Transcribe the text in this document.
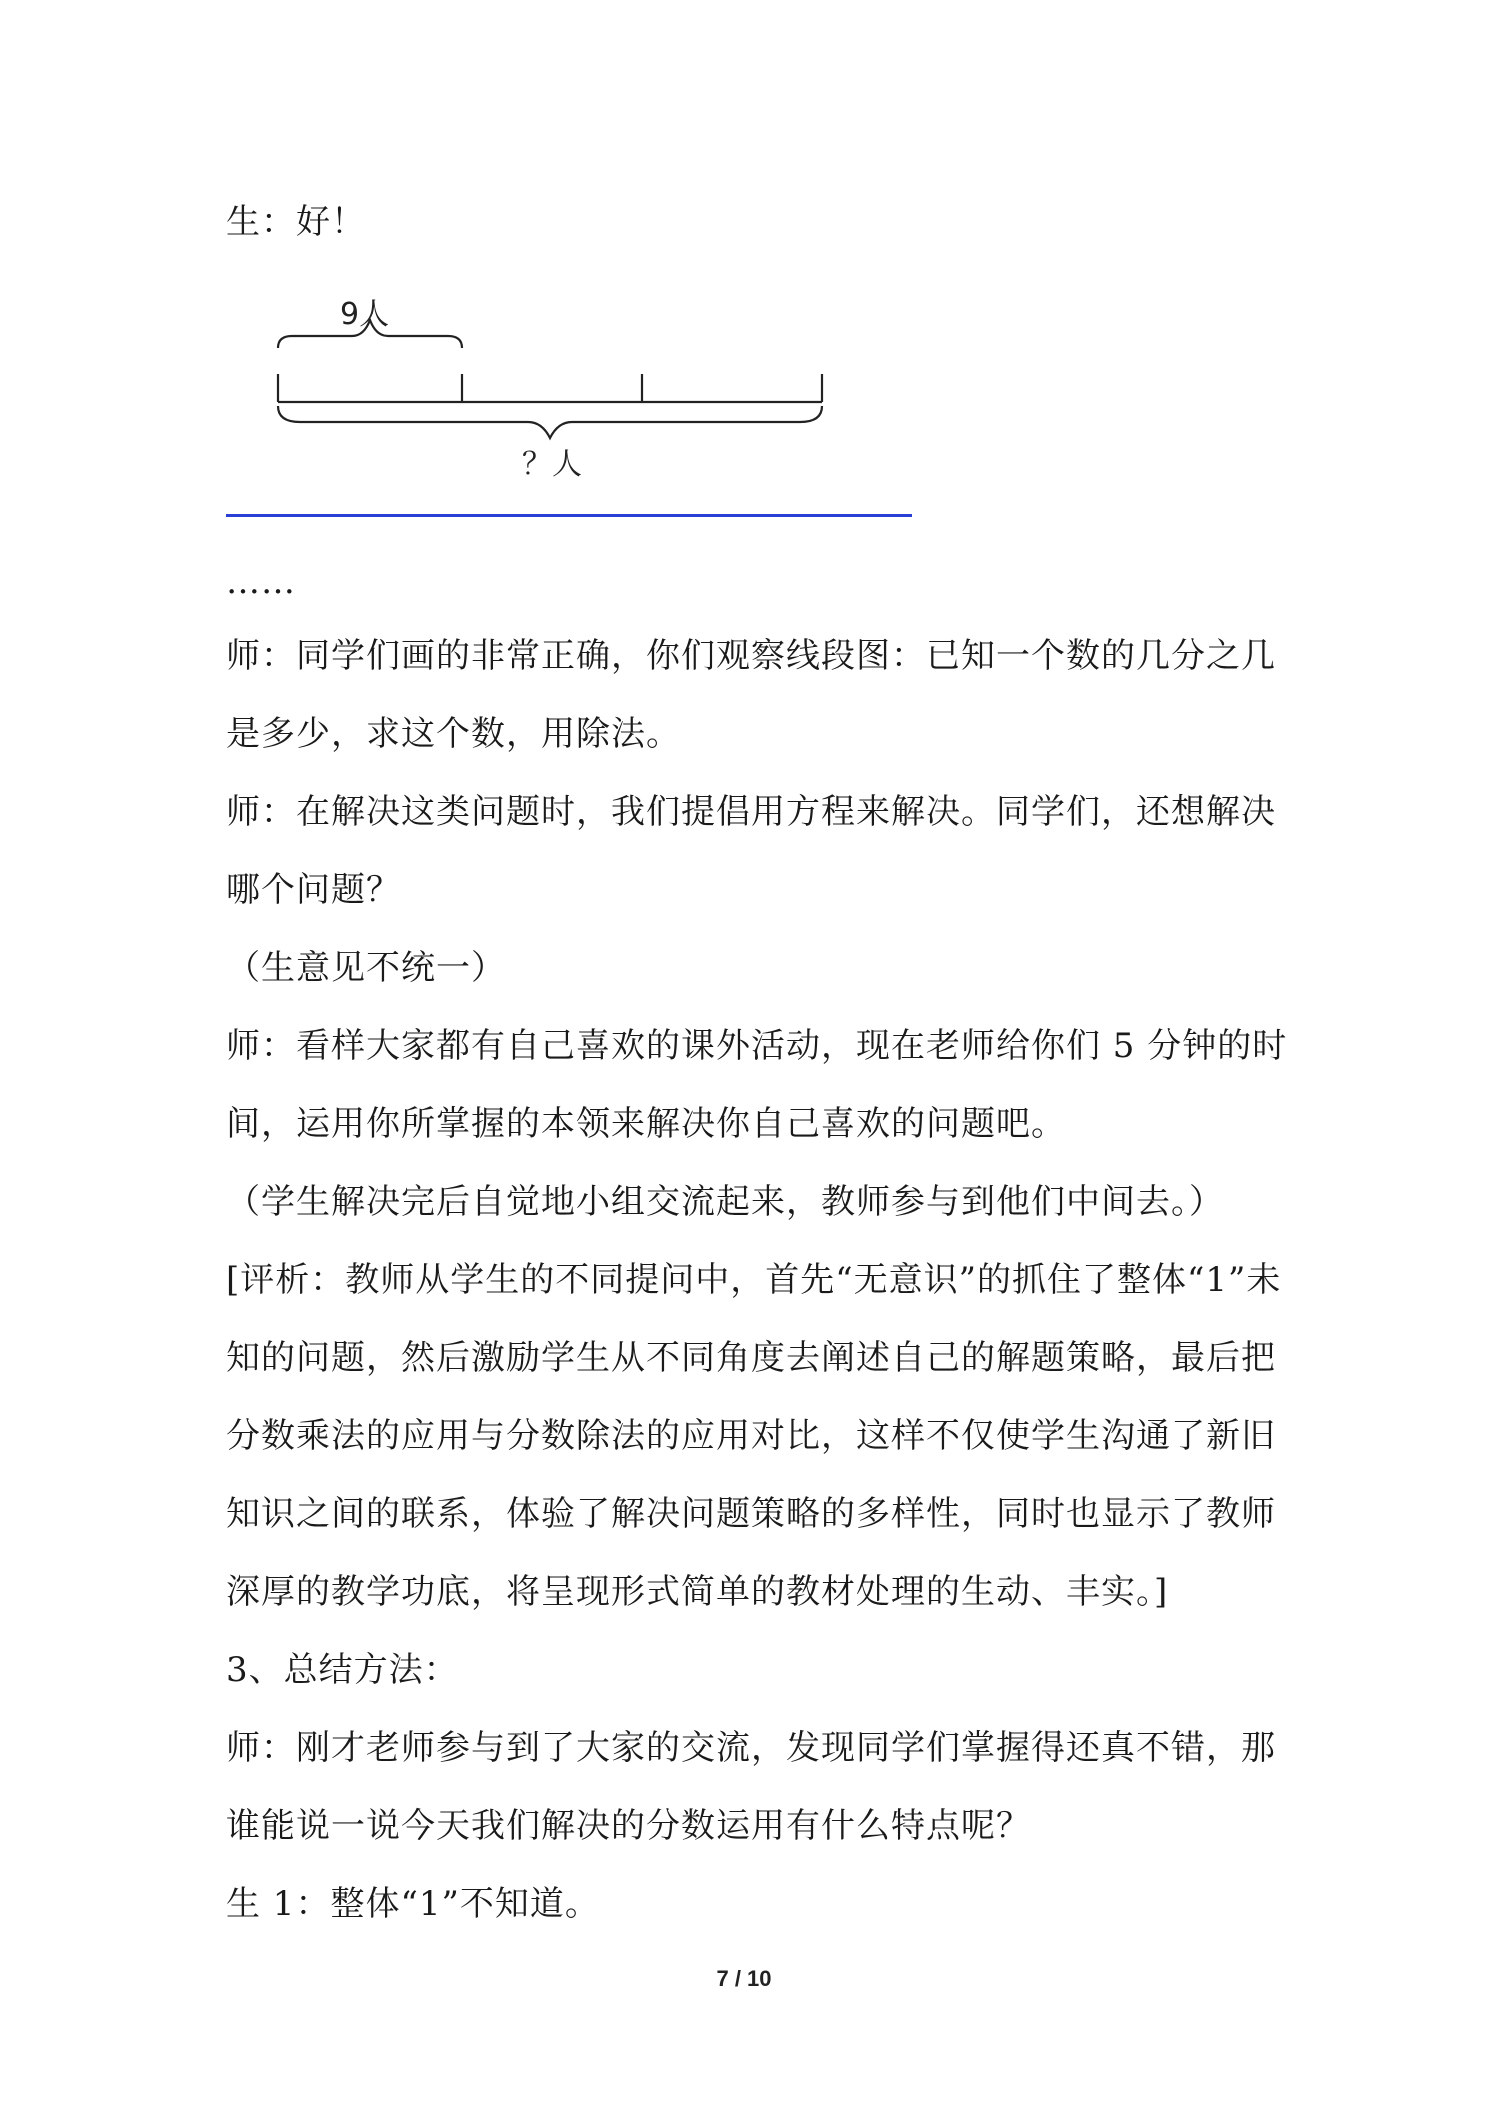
生：好！
9人
？人
……
师：同学们画的非常正确，你们观察线段图：已知一个数的几分之几
是多少，求这个数，用除法。
师：在解决这类问题时，我们提倡用方程来解决。同学们，还想解决
哪个问题？
（生意见不统一）
师：看样大家都有自己喜欢的课外活动，现在老师给你们 5 分钟的时
间，运用你所掌握的本领来解决你自己喜欢的问题吧。
（学生解决完后自觉地小组交流起来，教师参与到他们中间去。）
[评析：教师从学生的不同提问中，首先“无意识”的抓住了整体“1”未
知的问题，然后激励学生从不同角度去阐述自己的解题策略，最后把
分数乘法的应用与分数除法的应用对比，这样不仅使学生沟通了新旧
知识之间的联系，体验了解决问题策略的多样性，同时也显示了教师
深厚的教学功底，将呈现形式简单的教材处理的生动、丰实。]
3、总结方法：
师：刚才老师参与到了大家的交流，发现同学们掌握得还真不错，那
谁能说一说今天我们解决的分数运用有什么特点呢？
生 1：整体“1”不知道。
7 / 10
